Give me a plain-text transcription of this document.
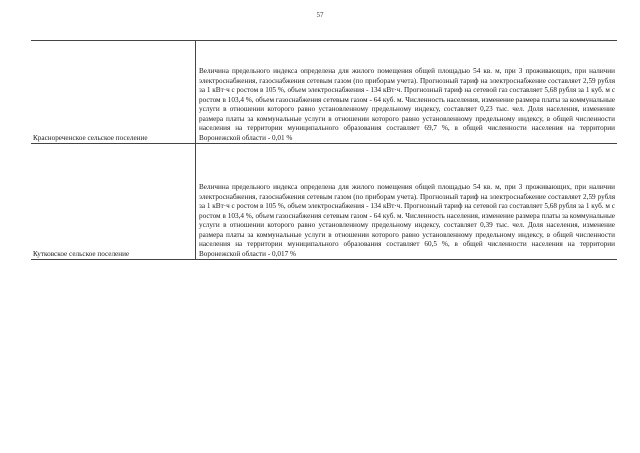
57
Краснореченское сельское поселение	Величина предельного индекса определена для жилого помещения общей площадью 54 кв. м, при 3 проживающих, при наличии электроснабжения, газоснабжения сетевым газом (по приборам учета). Прогнозный тариф на электроснабжение составляет 2,59 рубля за 1 кВт·ч с ростом в 105 %, объем электроснабжения - 134 кВт·ч. Прогнозный тариф на сетевой газ составляет 5,68 рубля за 1 куб. м с ростом в 103,4 %, объем газоснабжения сетевым газом - 64 куб. м. Численность населения, изменение размера платы за коммунальные услуги в отношении которого равно установленному предельному индексу, составляет 0,23 тыс. чел. Доля населения, изменение размера платы за коммунальные услуги в отношении которого равно установленному предельному индексу, в общей численности населения на территории муниципального образования составляет 69,7 %, в общей численности населения на территории Воронежской области - 0,01 %

Кутковское сельское поселение	Величина предельного индекса определена для жилого помещения общей площадью 54 кв. м, при 3 проживающих, при наличии электроснабжения, газоснабжения сетевым газом (по приборам учета). Прогнозный тариф на электроснабжение составляет 2,59 рубля за 1 кВт·ч с ростом в 105 %, объем электроснабжения - 134 кВт·ч. Прогнозный тариф на сетевой газ составляет 5,68 рубля за 1 куб. м с ростом в 103,4 %, объем газоснабжения сетевым газом - 64 куб. м. Численность населения, изменение размера платы за коммунальные услуги в отношении которого равно установленному предельному индексу, составляет 0,39 тыс. чел. Доля населения, изменение размера платы за коммунальные услуги в отношении которого равно установленному предельному индексу, в общей численности населения на территории муниципального образования составляет 60,5 %, в общей численности населения на территории Воронежской области - 0,017 %
